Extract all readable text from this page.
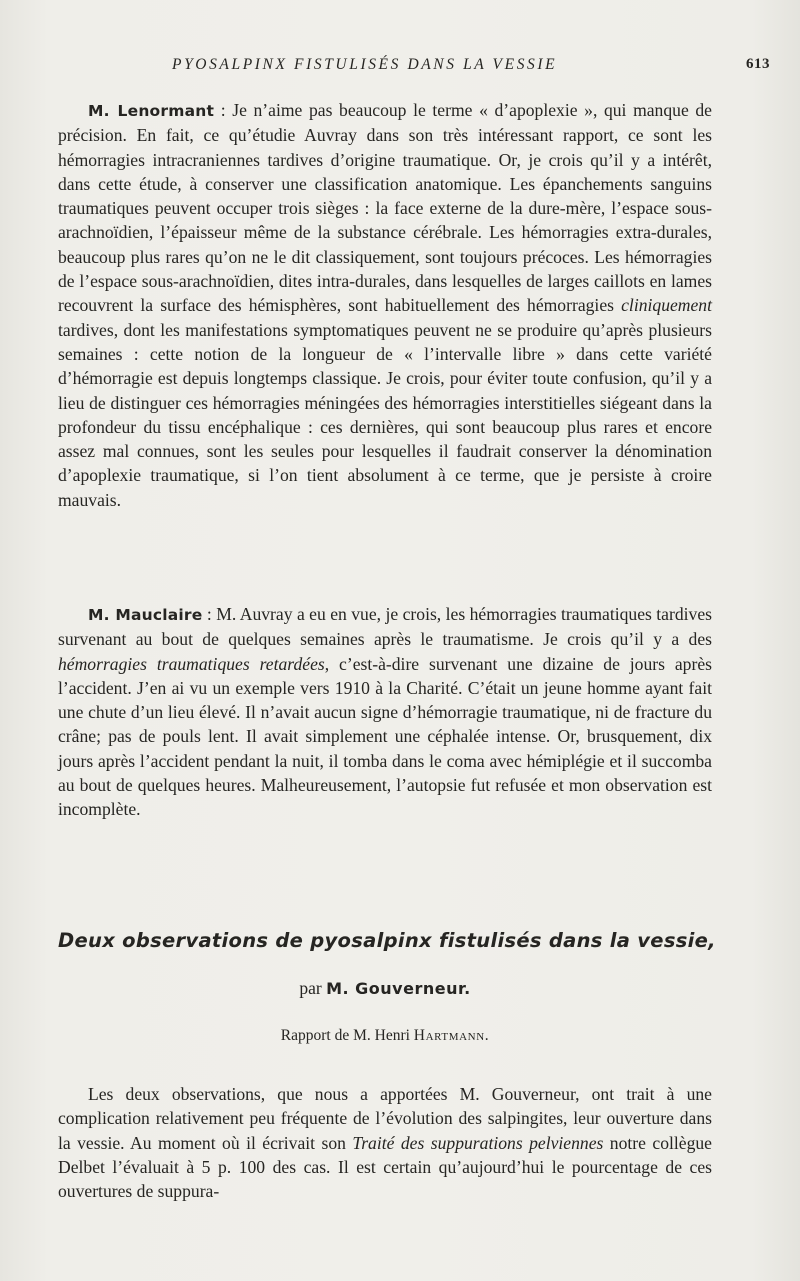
PYOSALPINX FISTULISÉS DANS LA VESSIE	613
M. Lenormant : Je n’aime pas beaucoup le terme « d’apoplexie », qui manque de précision. En fait, ce qu’étudie Auvray dans son très intéressant rapport, ce sont les hémorragies intracraniennes tardives d’origine traumatique. Or, je crois qu’il y a intérêt, dans cette étude, à conserver une classification anatomique. Les épanchements sanguins traumatiques peuvent occuper trois sièges : la face externe de la dure-mère, l’espace sous-arachnoïdien, l’épaisseur même de la substance cérébrale. Les hémorragies extra-durales, beaucoup plus rares qu’on ne le dit classiquement, sont toujours précoces. Les hémorragies de l’espace sous-arachnoïdien, dites intra-durales, dans lesquelles de larges caillots en lames recouvrent la surface des hémisphères, sont habituellement des hémorragies cliniquement tardives, dont les manifestations symptomatiques peuvent ne se produire qu’après plusieurs semaines : cette notion de la longueur de « l’intervalle libre » dans cette variété d’hémorragie est depuis longtemps classique. Je crois, pour éviter toute confusion, qu’il y a lieu de distinguer ces hémorragies méningées des hémorragies interstitielles siégeant dans la profondeur du tissu encéphalique : ces dernières, qui sont beaucoup plus rares et encore assez mal connues, sont les seules pour lesquelles il faudrait conserver la dénomination d’apoplexie traumatique, si l’on tient absolument à ce terme, que je persiste à croire mauvais.
M. Mauclaire : M. Auvray a eu en vue, je crois, les hémorragies traumatiques tardives survenant au bout de quelques semaines après le traumatisme. Je crois qu’il y a des hémorragies traumatiques retardées, c’est-à-dire survenant une dizaine de jours après l’accident. J’en ai vu un exemple vers 1910 à la Charité. C’était un jeune homme ayant fait une chute d’un lieu élevé. Il n’avait aucun signe d’hémorragie traumatique, ni de fracture du crâne; pas de pouls lent. Il avait simplement une céphalée intense. Or, brusquement, dix jours après l’accident pendant la nuit, il tomba dans le coma avec hémiplégie et il succomba au bout de quelques heures. Malheureusement, l’autopsie fut refusée et mon observation est incomplète.
Deux observations de pyosalpinx fistulisés dans la vessie,
par M. Gouverneur.
Rapport de M. Henri Hartmann.
Les deux observations, que nous a apportées M. Gouverneur, ont trait à une complication relativement peu fréquente de l’évolution des salpingites, leur ouverture dans la vessie. Au moment où il écrivait son Traité des suppurations pelviennes notre collègue Delbet l’évaluait à 5 p. 100 des cas. Il est certain qu’aujourd’hui le pourcentage de ces ouvertures de suppura-
